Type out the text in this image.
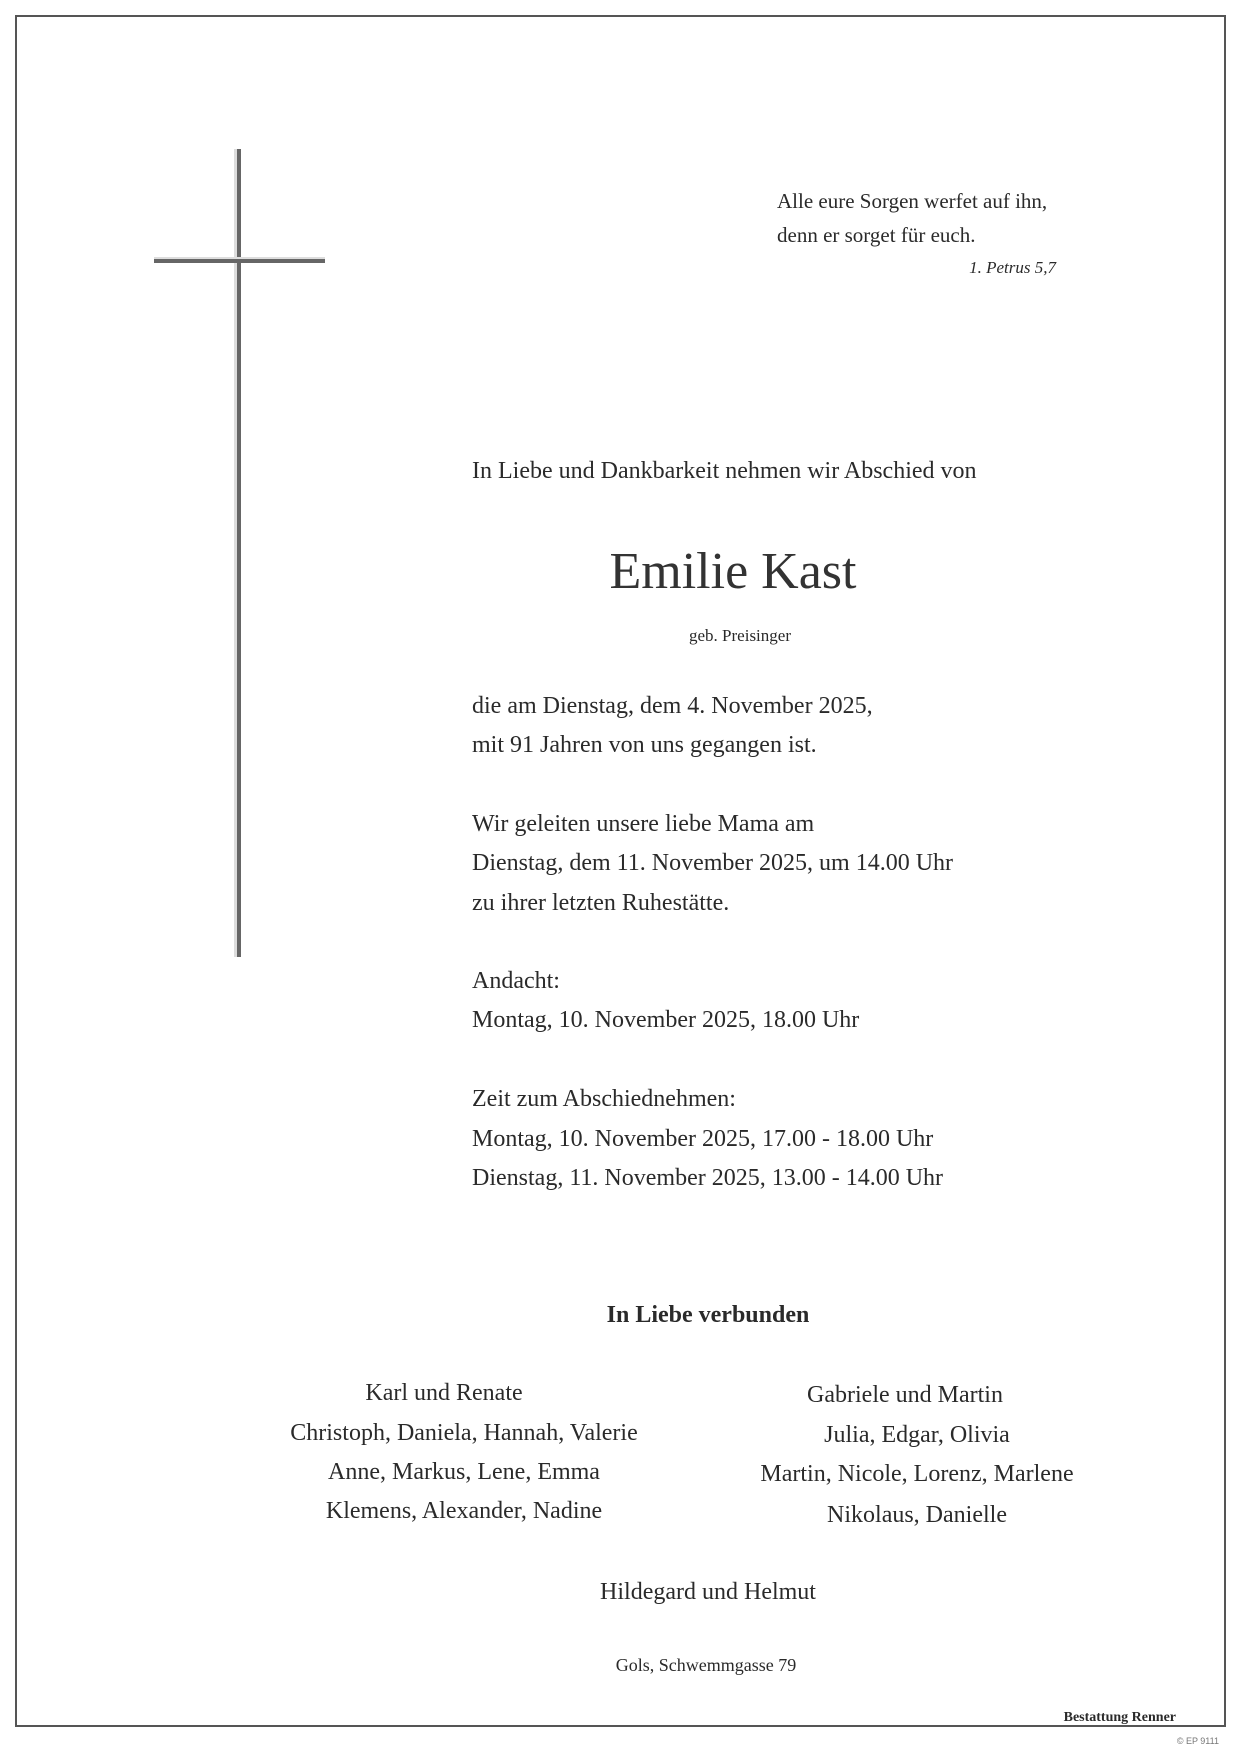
Alle eure Sorgen werfet auf ihn,
denn er sorget für euch.
1. Petrus 5,7
In Liebe und Dankbarkeit nehmen wir Abschied von
Emilie Kast
geb. Preisinger
die am Dienstag, dem 4. November 2025,
mit 91 Jahren von uns gegangen ist.
Wir geleiten unsere liebe Mama am
Dienstag, dem 11. November 2025, um 14.00 Uhr
zu ihrer letzten Ruhestätte.
Andacht:
Montag, 10. November 2025, 18.00 Uhr
Zeit zum Abschiednehmen:
Montag, 10. November 2025, 17.00 - 18.00 Uhr
Dienstag, 11. November 2025, 13.00 - 14.00 Uhr
In Liebe verbunden
Karl und Renate
Christoph, Daniela, Hannah, Valerie
Anne, Markus, Lene, Emma
Klemens, Alexander, Nadine
Gabriele und Martin
Julia, Edgar, Olivia
Martin, Nicole, Lorenz, Marlene
Nikolaus, Danielle
Hildegard und Helmut
Gols, Schwemmgasse 79
Bestattung Renner
© EP 9111
